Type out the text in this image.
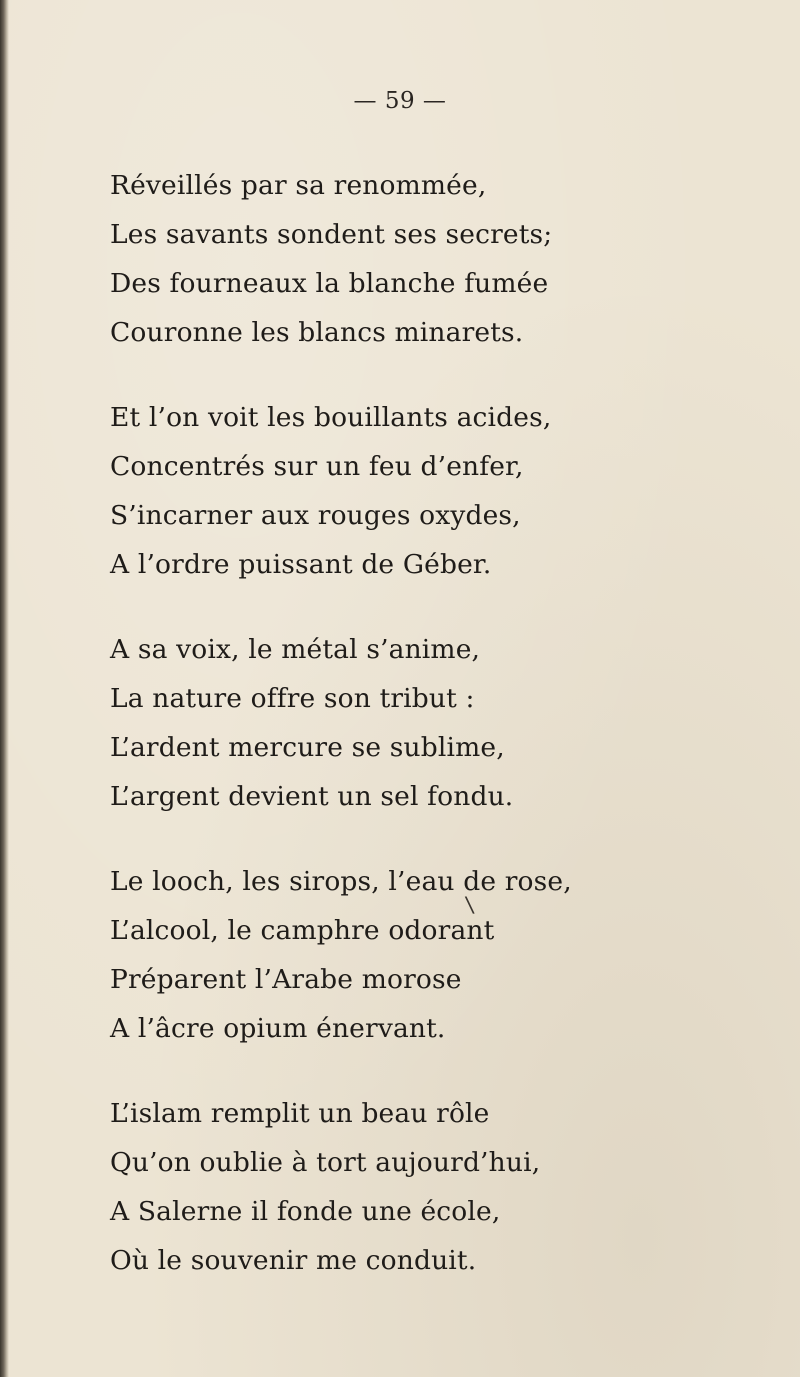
— 59 —
Réveillés par sa renommée,
Les savants sondent ses secrets;
Des fourneaux la blanche fumée
Couronne les blancs minarets.
Et l’on voit les bouillants acides,
Concentrés sur un feu d’enfer,
S’incarner aux rouges oxydes,
A l’ordre puissant de Géber.
A sa voix, le métal s’anime,
La nature offre son tribut :
L’ardent mercure se sublime,
L’argent devient un sel fondu.
Le looch, les sirops, l’eau de rose,
L’alcool, le camphre odorant
Préparent l’Arabe morose
A l’âcre opium énervant.
L’islam remplit un beau rôle
Qu’on oublie à tort aujourd’hui,
A Salerne il fonde une école,
Où le souvenir me conduit.
\
